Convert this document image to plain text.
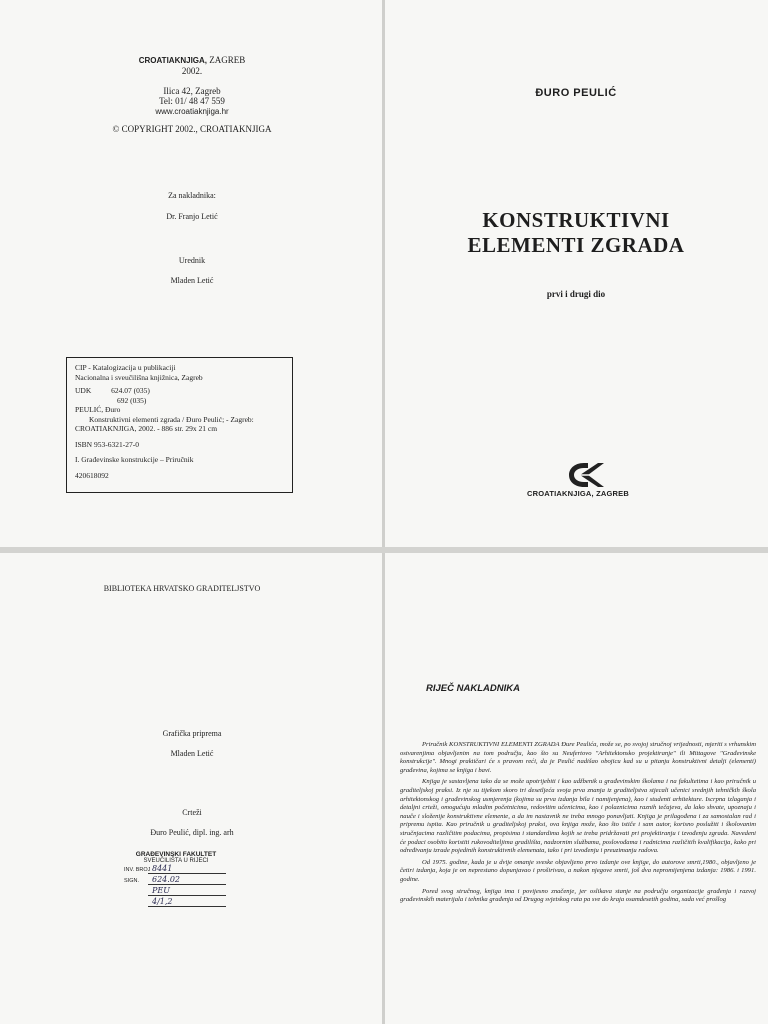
CROATIAKNJIGA, ZAGREB
2002.
Ilica 42, Zagreb
Tel: 01/ 48 47 559
www.croatiaknjiga.hr
© COPYRIGHT 2002., CROATIAKNJIGA
Za nakladnika:
Dr. Franjo Letić
Urednik
Mladen Letić
CIP - Katalogizacija u publikaciji
Nacionalna i sveučilišna knjižnica, Zagreb
UDK	624.07 (035)
692 (035)
PEULIĆ, Đuro
Konstruktivni elementi zgrada / Đuro Peulić; - Zagreb:
CROATIAKNJIGA, 2002. - 886 str. 29x 21 cm
ISBN 953-6321-27-0
I. Građevinske konstrukcije – Priručnik
420618092
ĐURO PEULIĆ
KONSTRUKTIVNI
ELEMENTI ZGRADA
prvi i drugi dio
CROATIAKNJIGA, ZAGREB
BIBLIOTEKA HRVATSKO GRADITELJSTVO
Grafička priprema
Mladen Letić
Crteži
Đuro Peulić, dipl. ing. arh
GRAĐEVINSKI FAKULTET
SVEUČILIŠTA U RIJECI
INV. BROJ 8441
SIGN. 624.02
PEU
4/1,2
RIJEČ NAKLADNIKA

Priručnik KONSTRUKTIVNI ELEMENTI ZGRADA Đure Peulića, može se, po svojoj stručnoj vrijednosti, mjeriti s vrhunskim ostvarenjima objavljenim na tom području, kao što su Neufertovo "Arhitektonsko projektiranje" ili Mittagove "Građevinske konstrukcije". Mnogi praktičari će s pravom reći, da je Peulić nadišao obojicu kad su u pitanju konstruktivni detalji (elementi) građevina, kojima se knjiga i bavi.

Knjiga je sastavljena tako da se može upotrijebiti i kao udžbenik u građevinskim školama i na fakultetima i kao priručnik u graditeljskoj praksi. Iz nje su tijekom skoro tri desetljeća svoja prva znanja iz graditeljstva stjecali učenici srednjih tehničkih škola arhitektonskog i građevinskog usmjerenja (kojima su prva izdanja bila i namijenjena), kao i studenti arhitekture. Iscrpna izlaganja i detaljni crteži, omogućuju mladim početnicima, redovitim učenicima, kao i polaznicima raznih tečajeva, da lako shvate, upoznaju i nauče i složenije konstruktivne elemente, a da im nastavnik ne treba mnogo ponavljati. Knjiga je prilagođena i za samostalan rad i pripremu ispita. Kao priručnik u graditeljskoj praksi, ova knjiga može, kao što ističe i sam autor, korisno poslužiti i školovanim stručnjacima različitim podacima, propisima i standardima kojih se treba pridržavati pri projektiranju i izvođenju zgrada. Navedeni će podaci osobito koristiti rukovoditeljima gradilišta, nadzornim službama, poslovođama i radnicima različitih kvalifikacija, kako pri određivanju izrade pojedinih konstruktivnih elemenata, tako i pri izvođenju i preuzimanju radova.

Od 1975. godine, kada je u dvije omanje sveske objavljeno prvo izdanje ove knjige, do autorove smrti,1980., objavljeno je četiri izdanja, koja je on neprestano dopunjavao i proširivao, a nakon njegove smrti, još dva nepromijenjena izdanja: 1986. i 1991. godine.

Pored svog stručnog, knjiga ima i povijesno značenje, jer oslikava stanje na području organizacije građenja i razvoj građevinskih materijala i tehnika građenja od Drugog svjetskog rata pa sve do kraja osamdesetih godina, sada već prošlog
